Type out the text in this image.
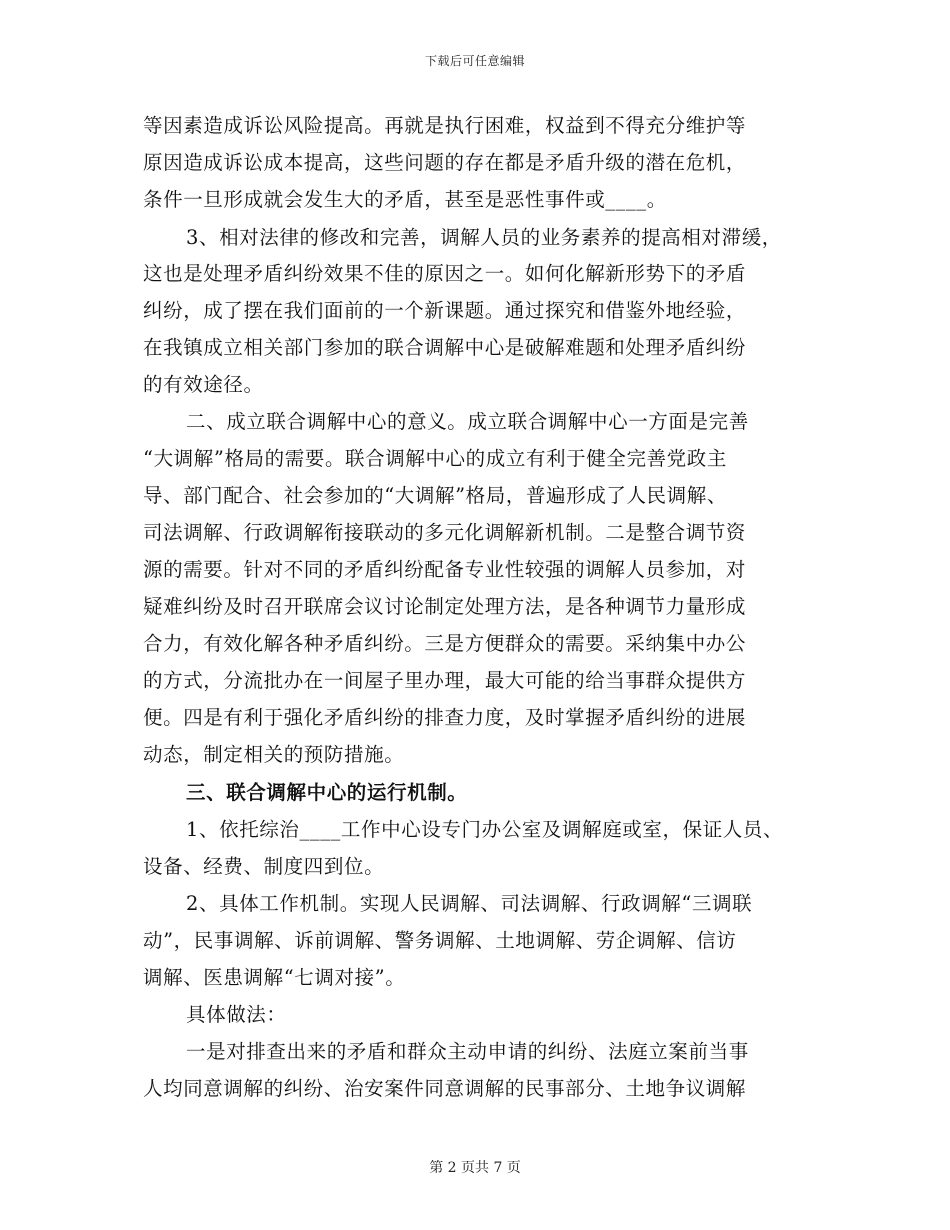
下载后可任意编辑
等因素造成诉讼风险提高。再就是执行困难，权益到不得充分维护等
原因造成诉讼成本提高，这些问题的存在都是矛盾升级的潜在危机，
条件一旦形成就会发生大的矛盾，甚至是恶性事件或____。
3、相对法律的修改和完善，调解人员的业务素养的提高相对滞缓，
这也是处理矛盾纠纷效果不佳的原因之一。如何化解新形势下的矛盾
纠纷，成了摆在我们面前的一个新课题。通过探究和借鉴外地经验，
在我镇成立相关部门参加的联合调解中心是破解难题和处理矛盾纠纷
的有效途径。
二、成立联合调解中心的意义。成立联合调解中心一方面是完善
“大调解”格局的需要。联合调解中心的成立有利于健全完善党政主
导、部门配合、社会参加的“大调解”格局，普遍形成了人民调解、
司法调解、行政调解衔接联动的多元化调解新机制。二是整合调节资
源的需要。针对不同的矛盾纠纷配备专业性较强的调解人员参加，对
疑难纠纷及时召开联席会议讨论制定处理方法，是各种调节力量形成
合力，有效化解各种矛盾纠纷。三是方便群众的需要。采纳集中办公
的方式，分流批办在一间屋子里办理，最大可能的给当事群众提供方
便。四是有利于强化矛盾纠纷的排查力度，及时掌握矛盾纠纷的进展
动态，制定相关的预防措施。
三、联合调解中心的运行机制。
1、依托综治____工作中心设专门办公室及调解庭或室，保证人员、
设备、经费、制度四到位。
2、具体工作机制。实现人民调解、司法调解、行政调解“三调联
动”，民事调解、诉前调解、警务调解、土地调解、劳企调解、信访
调解、医患调解“七调对接”。
具体做法：
一是对排查出来的矛盾和群众主动申请的纠纷、法庭立案前当事
人均同意调解的纠纷、治安案件同意调解的民事部分、土地争议调解
第 2 页共 7 页
